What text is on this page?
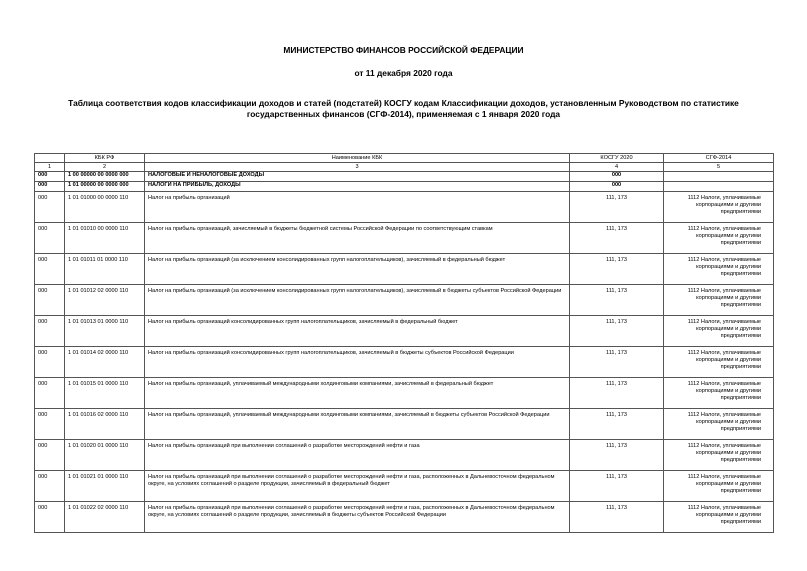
МИНИСТЕРСТВО ФИНАНСОВ РОССИЙСКОЙ ФЕДЕРАЦИИ
от 11 декабря 2020 года
Таблица соответствия кодов классификации доходов и статей (подстатей) КОСГУ кодам Классификации доходов, установленным Руководством по статистике государственных финансов (СГФ-2014), применяемая с 1 января 2020 года
	КБК РФ	Наименование КБК	КОСГУ 2020	СГФ-2014
1	2	3	4	5
000	1 00 00000 00 0000 000	НАЛОГОВЫЕ И НЕНАЛОГОВЫЕ ДОХОДЫ	000	
000	1 01 00000 00 0000 000	НАЛОГИ НА ПРИБЫЛЬ, ДОХОДЫ	000	
000	1 01 01000 00 0000 110	Налог на прибыль организаций	111, 173	1112 Налоги, уплачиваемые корпорациями и другими предприятиями
000	1 01 01010 00 0000 110	Налог на прибыль организаций, зачисляемый в бюджеты бюджетной системы Российской Федерации по соответствующим ставкам	111, 173	1112 Налоги, уплачиваемые корпорациями и другими предприятиями
000	1 01 01011 01 0000 110	Налог на прибыль организаций (за исключением консолидированных групп налогоплательщиков), зачисляемый в федеральный бюджет	111, 173	1112 Налоги, уплачиваемые корпорациями и другими предприятиями
000	1 01 01012 02 0000 110	Налог на прибыль организаций (за исключением консолидированных групп налогоплательщиков), зачисляемый в бюджеты субъектов Российской Федерации	111, 173	1112 Налоги, уплачиваемые корпорациями и другими предприятиями
000	1 01 01013 01 0000 110	Налог на прибыль организаций консолидированных групп налогоплательщиков, зачисляемый в федеральный бюджет	111, 173	1112 Налоги, уплачиваемые корпорациями и другими предприятиями
000	1 01 01014 02 0000 110	Налог на прибыль организаций консолидированных групп налогоплательщиков, зачисляемый в бюджеты субъектов Российской Федерации	111, 173	1112 Налоги, уплачиваемые корпорациями и другими предприятиями
000	1 01 01015 01 0000 110	Налог на прибыль организаций, уплачиваемый международными холдинговыми компаниями, зачисляемый в федеральный бюджет	111, 173	1112 Налоги, уплачиваемые корпорациями и другими предприятиями
000	1 01 01016 02 0000 110	Налог на прибыль организаций, уплачиваемый международными холдинговыми компаниями, зачисляемый в бюджеты субъектов Российской Федерации	111, 173	1112 Налоги, уплачиваемые корпорациями и другими предприятиями
000	1 01 01020 01 0000 110	Налог на прибыль организаций при выполнении соглашений о разработке месторождений нефти и газа	111, 173	1112 Налоги, уплачиваемые корпорациями и другими предприятиями
000	1 01 01021 01 0000 110	Налог на прибыль организаций при выполнении соглашений о разработке месторождений нефти и газа, расположенных в Дальневосточном федеральном округе, на условиях соглашений о разделе продукции, зачисляемый в федеральный бюджет	111, 173	1112 Налоги, уплачиваемые корпорациями и другими предприятиями
000	1 01 01022 02 0000 110	Налог на прибыль организаций при выполнении соглашений о разработке месторождений нефти и газа, расположенных в Дальневосточном федеральном округе, на условиях соглашений о разделе продукции, зачисляемый в бюджеты субъектов Российской Федерации	111, 173	1112 Налоги, уплачиваемые корпорациями и другими предприятиями
